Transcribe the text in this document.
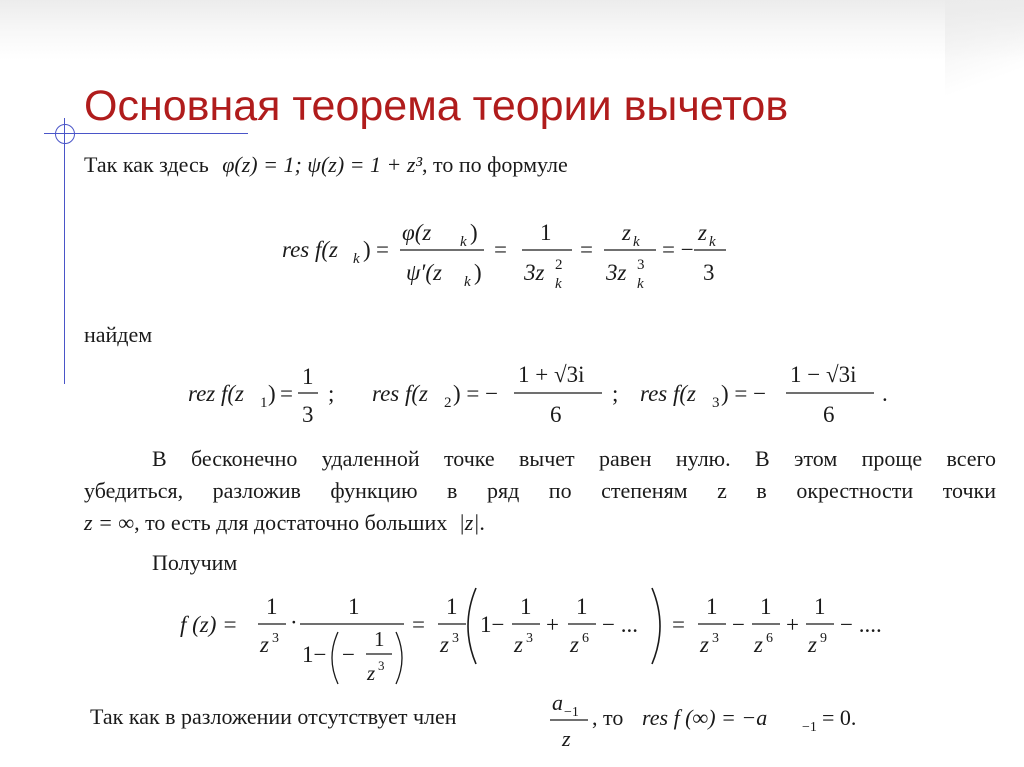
Основная теорема теории вычетов

Так как здесь φ(z) = 1; ψ(z) = 1 + z³, то по формуле

res f(z k ) =
φ(z k )
ψ′(z k )
=
1
3z 2
k
=
z k
3z 3
k
= −
z k
3

найдем

rez f(z 1 ) =
1
3
; res f(z 2 ) = −
1 + √3i
6
; res f(z 3 ) = −
1 − √3i
6
.

В бесконечно удаленной точке вычет равен нулю. В этом проще всего

убедиться, разложив функцию в ряд по степеням z в окрестности точки

z = ∞, то есть для достаточно больших |z|.

Получим

f (z) =
1
z 3
·
1
1− −
1
z 3
=
1
z 3
1−
1
z 3
+
1
z 6
− ... =
1
z 3
−
1
z 6
+
1
z 9
− ....

Так как в разложении отсутствует член

a −1
z
, то res f (∞) = −a −1 = 0.
